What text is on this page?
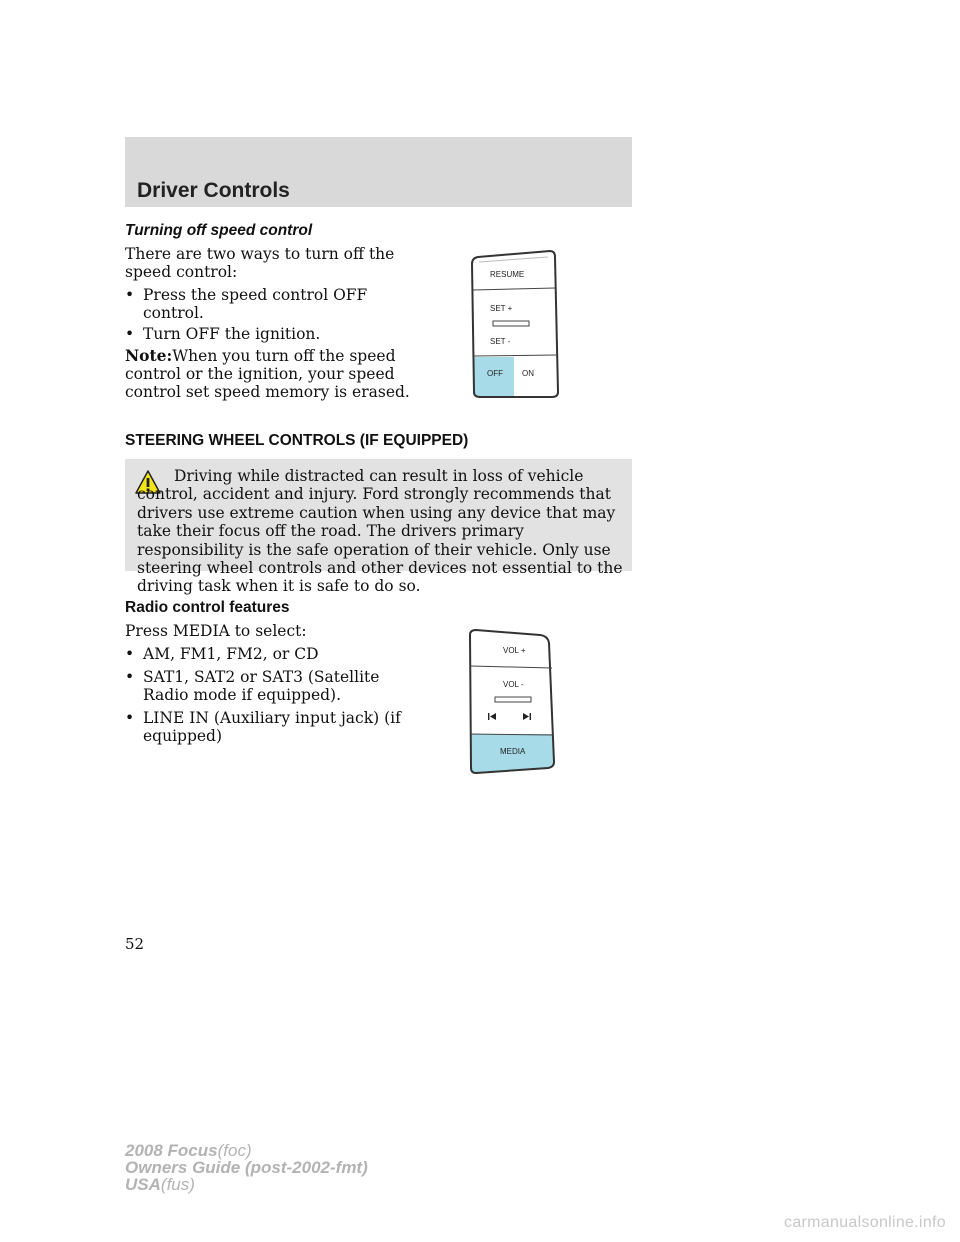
Driver Controls
Turning off speed control
There are two ways to turn off the
speed control:
• Press the speed control OFF
control.
• Turn OFF the ignition.
Note:When you turn off the speed
control or the ignition, your speed
control set speed memory is erased.
RESUME
SET +
SET -
OFF ON
STEERING WHEEL CONTROLS (IF EQUIPPED)
Driving while distracted can result in loss of vehicle control, accident and injury. Ford strongly recommends that drivers use extreme caution when using any device that may take their focus off the road. The drivers primary responsibility is the safe operation of their vehicle. Only use steering wheel controls and other devices not essential to the driving task when it is safe to do so.
Radio control features
Press MEDIA to select:
• AM, FM1, FM2, or CD
• SAT1, SAT2 or SAT3 (Satellite
Radio mode if equipped).
• LINE IN (Auxiliary input jack) (if
equipped)
VOL +
VOL -
MEDIA
52
2008 Focus(foc)
Owners Guide (post-2002-fmt)
USA(fus)
carmanualsonline.info
